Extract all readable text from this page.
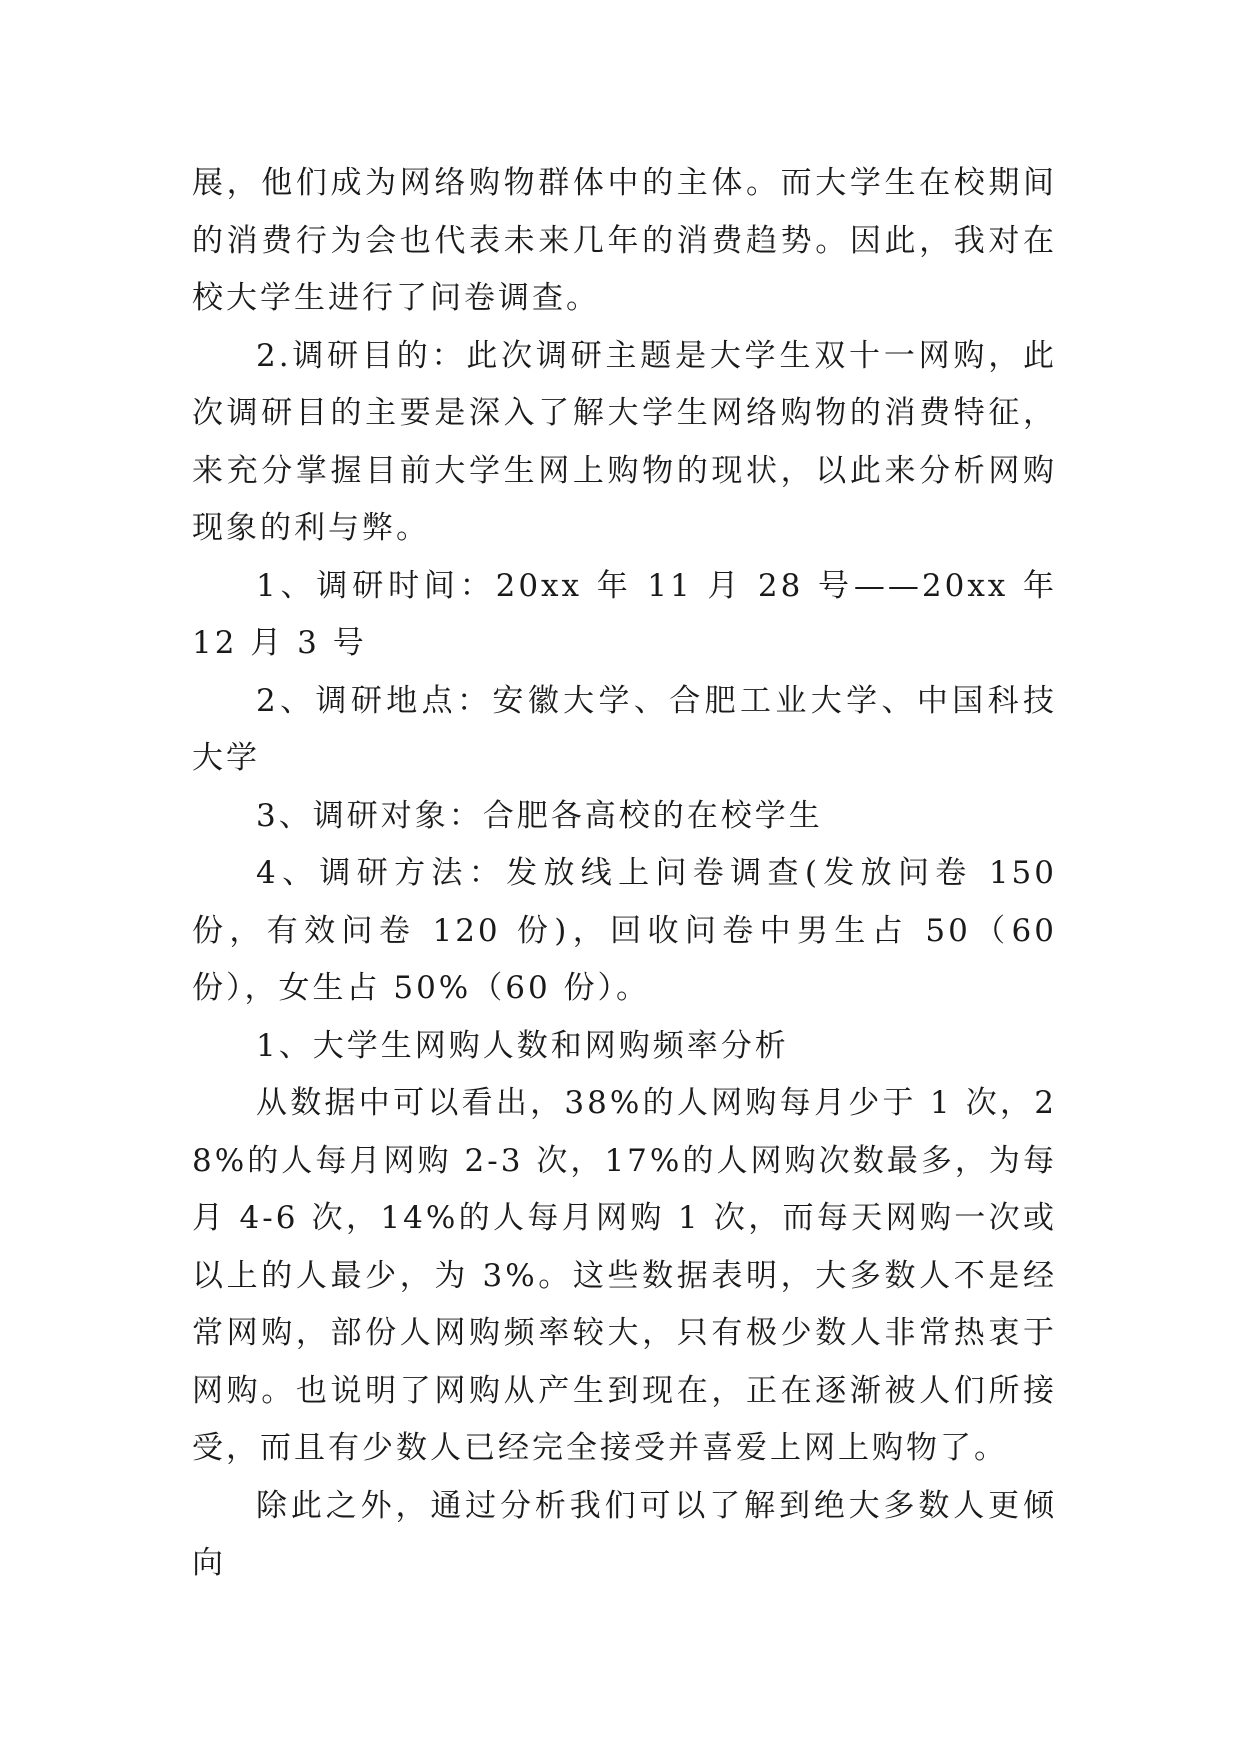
展，他们成为网络购物群体中的主体。而大学生在校期间的消费行为会也代表未来几年的消费趋势。因此，我对在校大学生进行了问卷调查。

2.调研目的：此次调研主题是大学生双十一网购，此次调研目的主要是深入了解大学生网络购物的消费特征，来充分掌握目前大学生网上购物的现状，以此来分析网购现象的利与弊。

1、调研时间：20xx 年 11 月 28 号——20xx 年 12 月 3 号

2、调研地点：安徽大学、合肥工业大学、中国科技大学

3、调研对象：合肥各高校的在校学生

4、调研方法：发放线上问卷调查(发放问卷 150 份，有效问卷 120 份)，回收问卷中男生占 50（60 份），女生占 50%（60 份）。

1、大学生网购人数和网购频率分析

从数据中可以看出，38%的人网购每月少于 1 次，28%的人每月网购 2-3 次，17%的人网购次数最多，为每月 4-6 次，14%的人每月网购 1 次，而每天网购一次或以上的人最少，为 3%。这些数据表明，大多数人不是经常网购，部份人网购频率较大，只有极少数人非常热衷于网购。也说明了网购从产生到现在，正在逐渐被人们所接受，而且有少数人已经完全接受并喜爱上网上购物了。

除此之外，通过分析我们可以了解到绝大多数人更倾向
